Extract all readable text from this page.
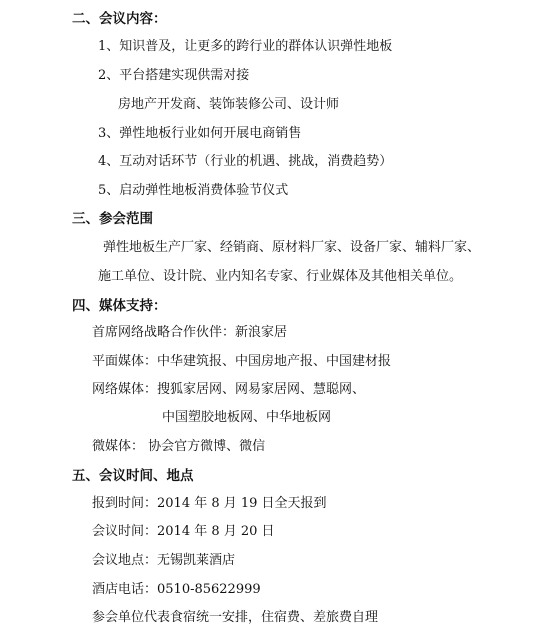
二、会议内容：
1、知识普及，让更多的跨行业的群体认识弹性地板
2、平台搭建实现供需对接
房地产开发商、装饰装修公司、设计师
3、弹性地板行业如何开展电商销售
4、互动对话环节（行业的机遇、挑战，消费趋势）
5、启动弹性地板消费体验节仪式
三、参会范围
弹性地板生产厂家、经销商、原材料厂家、设备厂家、辅料厂家、
施工单位、设计院、业内知名专家、行业媒体及其他相关单位。
四、媒体支持：
首席网络战略合作伙伴：新浪家居
平面媒体：中华建筑报、中国房地产报、中国建材报
网络媒体：搜狐家居网、网易家居网、慧聪网、
中国塑胶地板网、中华地板网
微媒体： 协会官方微博、微信
五、会议时间、地点
报到时间：2014 年 8 月 19 日全天报到
会议时间：2014 年 8 月 20 日
会议地点：无锡凯莱酒店
酒店电话：0510-85622999
参会单位代表食宿统一安排，住宿费、差旅费自理
